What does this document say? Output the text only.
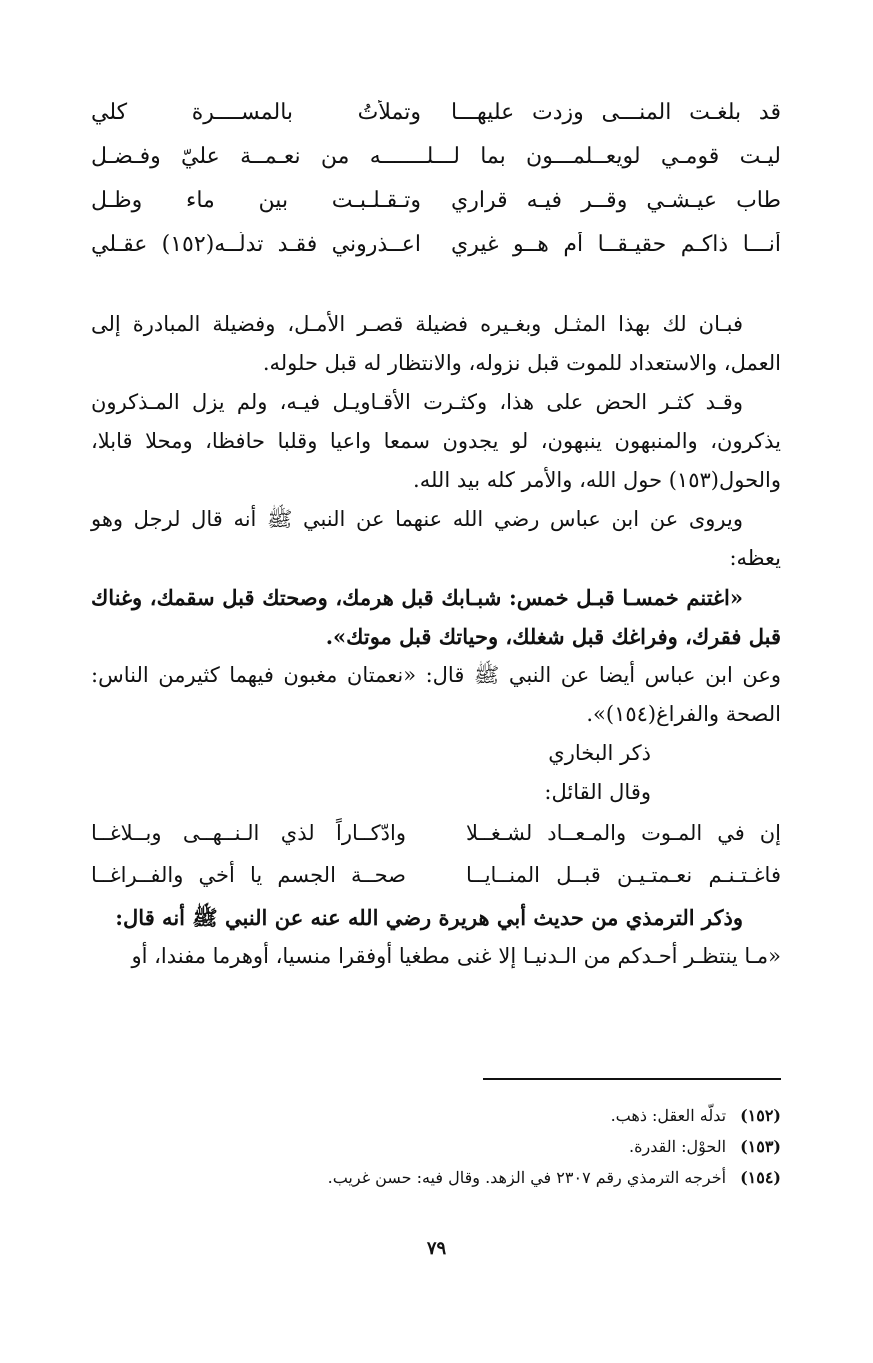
قد بلغـت المنـــى وزدت عليهـــا
وتملأتُ بالمســــرة كلي
ليـت قومـي لويعــلمـــون بما لـــلـــــــه من نعـمــة عليّ وفـضـل
طاب عيـشـي وقــر فيـه قراري
وتـقـلـبـت بين ماء وظـل
أنـــا ذاكـم حقيـقــا أم هــو غيري
اعــذروني فقـد تدلّــه(١٥٢) عقـلي

فبـان لك بهذا المثـل وبغـيره فضيلة قصـر الأمـل، وفضيلة المبادرة إلى العمل، والاستعداد للموت قبل نزوله، والانتظار له قبل حلوله.

وقـد كثـر الحض على هذا، وكثـرت الأقـاويـل فيـه، ولم يزل المـذكرون يذكرون، والمنبهون ينبهون، لو يجدون سمعا واعيا وقلبا حافظا، ومحلا قابلا، والحول(١٥٣) حول الله، والأمر كله بيد الله.

ويروى عن ابن عباس رضي الله عنهما عن النبي ﷺ أنه قال لرجل وهو يعظه:

«اغتنم خمسـا قبـل خمس: شبـابك قبل هرمك، وصحتك قبل سقمك، وغناك قبل فقرك، وفراغك قبل شغلك، وحياتك قبل موتك».

وعن ابن عباس أيضا عن النبي ﷺ قال: «نعمتان مغبون فيهما كثيرمن الناس: الصحة والفراغ(١٥٤)».

ذكر البخاري

وقال القائل:

إن في المـوت والمـعــاد لشـغــلا
وادّكــاراً لذي الـنــهــى وبــلاغــا
فاغـتـنـم نعـمتـيـن قبــل المنــايــا
صحــة الجسم يا أخي والفــراغــا

وذكر الترمذي من حديث أبي هريرة رضي الله عنه عن النبي ﷺ أنه قال:

«مـا ينتظـر أحـدكم من الـدنيـا إلا غنى مطغيا أوفقرا منسيا، أوهرما مفندا، أو

(١٥٢)
تدلّه العقل: ذهب.
(١٥٣)
الحوْل: القدرة.
(١٥٤)
أخرجه الترمذي رقم ٢٣٠٧ في الزهد. وقال فيه: حسن غريب.
٧٩
